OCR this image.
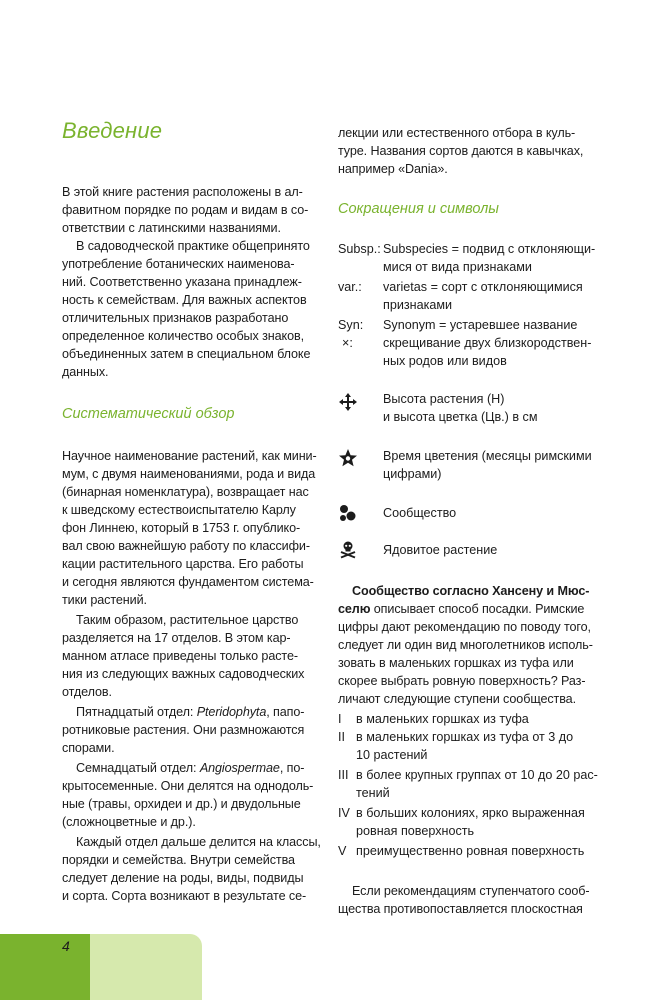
Введение
В этой книге растения расположены в ал-
фавитном порядке по родам и видам в со-
ответствии с латинскими названиями.
В садоводческой практике общепринято
употребление ботанических наименова-
ний. Соответственно указана принадлеж-
ность к семействам. Для важных аспектов
отличительных признаков разработано
определенное количество особых знаков,
объединенных затем в специальном блоке
данных.
Систематический обзор
Научное наименование растений, как мини-
мум, с двумя наименованиями, рода и вида
(бинарная номенклатура), возвращает нас
к шведскому естествоиспытателю Карлу
фон Линнею, который в 1753 г. опублико-
вал свою важнейшую работу по классифи-
кации растительного царства. Его работы
и сегодня являются фундаментом система-
тики растений.
Таким образом, растительное царство
разделяется на 17 отделов. В этом кар-
манном атласе приведены только расте-
ния из следующих важных садоводческих
отделов.
Пятнадцатый отдел: Pteridophyta, папо-
ротниковые растения. Они размножаются
спорами.
Семнадцатый отдел: Angiospermae, по-
крытосеменные. Они делятся на однодоль-
ные (травы, орхидеи и др.) и двудольные
(сложноцветные и др.).
Каждый отдел дальше делится на классы,
порядки и семейства. Внутри семейства
следует деление на роды, виды, подвиды
и сорта. Сорта возникают в результате се-
лекции или естественного отбора в куль-
туре. Названия сортов даются в кавычках,
например «Dania».
Сокращения и символы
Subsp.: Subspecies = подвид с отклоняющи-
мися от вида признаками
var.: varietas = сорт с отклоняющимися
признаками
Syn: Synonym = устаревшее название
×: скрещивание двух близкородствен-
ных родов или видов
Высота растения (H)
и высота цветка (Цв.) в см
Время цветения (месяцы римскими
цифрами)
Сообщество
Ядовитое растение
Сообщество согласно Хансену и Мюс-
селю описывает способ посадки. Римские
цифры дают рекомендацию по поводу того,
следует ли один вид многолетников исполь-
зовать в маленьких горшках из туфа или
скорее выбрать ровную поверхность? Раз-
личают следующие ступени сообщества.
I в маленьких горшках из туфа
II в маленьких горшках из туфа от 3 до
10 растений
III в более крупных группах от 10 до 20 рас-
тений
IV в больших колониях, ярко выраженная
ровная поверхность
V преимущественно ровная поверхность
Если рекомендациям ступенчатого сооб-
щества противопоставляется плоскостная
4
